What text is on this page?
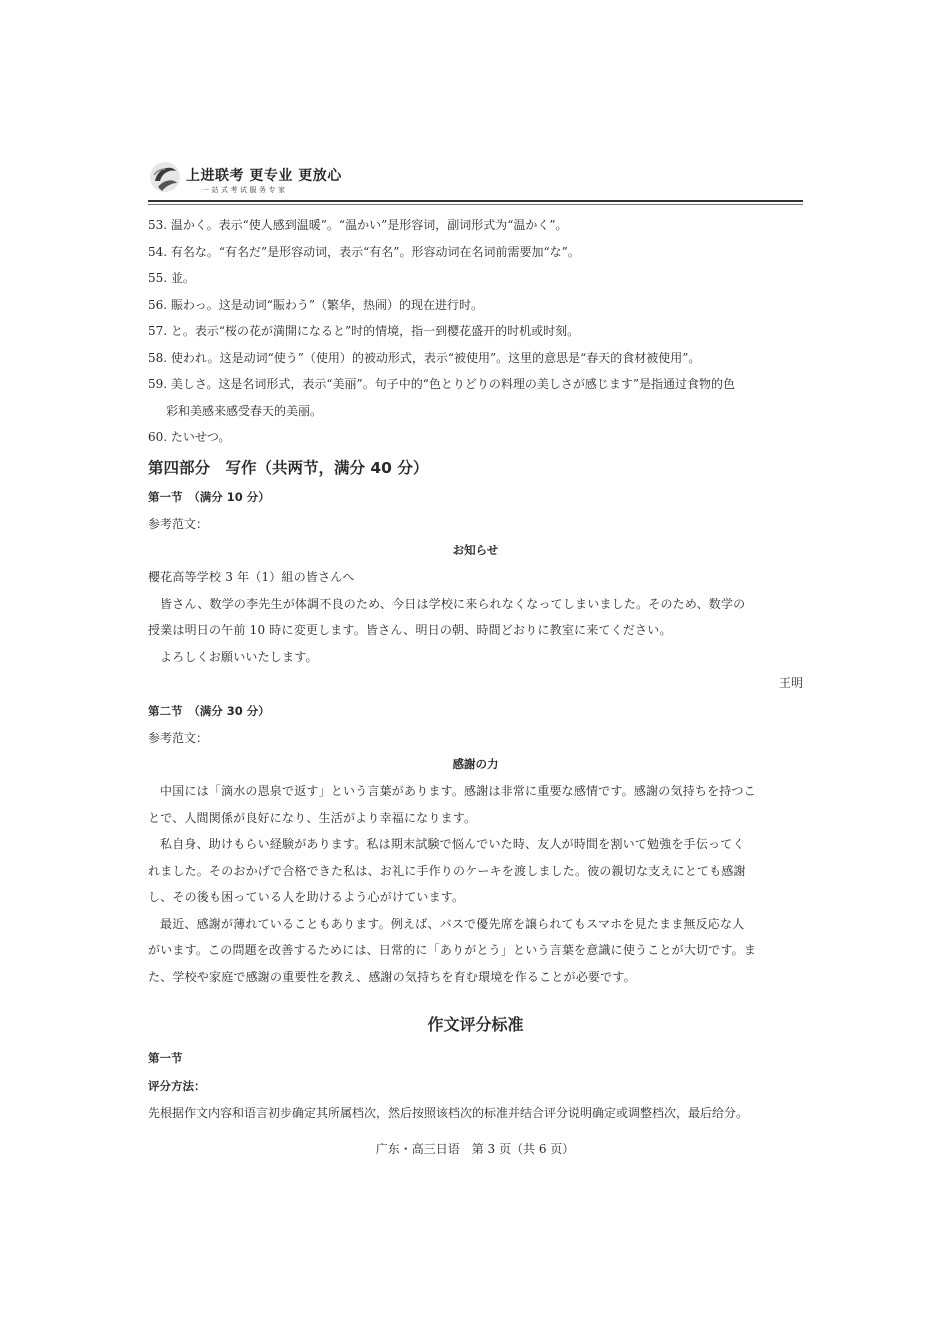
上进联考 更专业 更放心
一站式考试服务专家

53. 温かく。表示“使人感到温暖”。“温かい”是形容词，副词形式为“温かく”。

54. 有名な。“有名だ”是形容动词，表示“有名”。形容动词在名词前需要加“な”。

55. 並。

56. 賑わっ。这是动词“賑わう”（繁华，热闹）的现在进行时。

57. と。表示“桜の花が満開になると”时的情境，指一到樱花盛开的时机或时刻。

58. 使われ。这是动词“使う”（使用）的被动形式，表示“被使用”。这里的意思是“春天的食材被使用”。

59. 美しさ。这是名词形式，表示“美丽”。句子中的“色とりどりの料理の美しさが感じます”是指通过食物的色

彩和美感来感受春天的美丽。

60. たいせつ。

第四部分　写作（共两节，满分 40 分）
第一节　（满分 10 分）

参考范文：

お知らせ

櫻花高等学校 3 年（1）組の皆さんへ

皆さん、数学の李先生が体調不良のため、今日は学校に来られなくなってしまいました。そのため、数学の

授業は明日の午前 10 時に変更します。皆さん、明日の朝、時間どおりに教室に来てください。

よろしくお願いいたします。

王明

第二节　（满分 30 分）

参考范文：

感謝の力

中国には「滴水の恩泉で返す」という言葉があります。感謝は非常に重要な感情です。感謝の気持ちを持つこ

とで、人間関係が良好になり、生活がより幸福になります。

私自身、助けもらい経験があります。私は期末試験で悩んでいた時、友人が時間を割いて勉強を手伝ってく

れました。そのおかげで合格できた私は、お礼に手作りのケーキを渡しました。彼の親切な支えにとても感謝

し、その後も困っている人を助けるよう心がけています。

最近、感謝が薄れていることもあります。例えば、バスで優先席を譲られてもスマホを見たまま無反応な人

がいます。この問題を改善するためには、日常的に「ありがとう」という言葉を意識に使うことが大切です。ま

た、学校や家庭で感謝の重要性を教え、感謝の気持ちを育む環境を作ることが必要です。

作文评分标准
第一节
评分方法：

先根据作文内容和语言初步确定其所属档次，然后按照该档次的标准并结合评分说明确定或调整档次，最后给分。

广东・高三日语　第 3 页（共 6 页）
